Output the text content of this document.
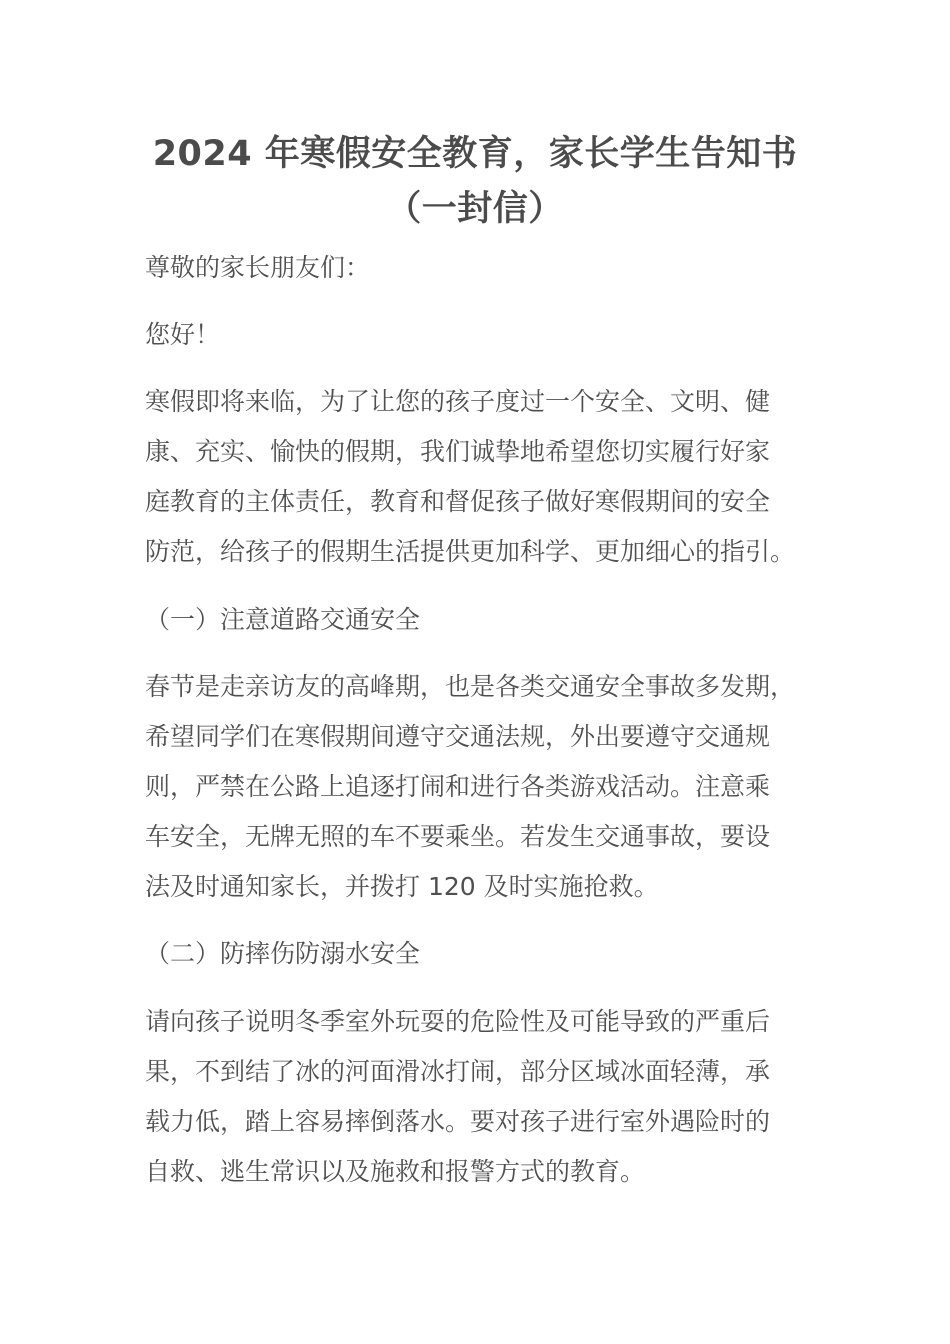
2024 年寒假安全教育，家长学生告知书
（一封信）
尊敬的家长朋友们：
您好！
寒假即将来临，为了让您的孩子度过一个安全、文明、健
康、充实、愉快的假期，我们诚挚地希望您切实履行好家
庭教育的主体责任，教育和督促孩子做好寒假期间的安全
防范，给孩子的假期生活提供更加科学、更加细心的指引。
（一）注意道路交通安全
春节是走亲访友的高峰期，也是各类交通安全事故多发期，
希望同学们在寒假期间遵守交通法规，外出要遵守交通规
则，严禁在公路上追逐打闹和进行各类游戏活动。注意乘
车安全，无牌无照的车不要乘坐。若发生交通事故，要设
法及时通知家长，并拨打 120 及时实施抢救。
（二）防摔伤防溺水安全
请向孩子说明冬季室外玩耍的危险性及可能导致的严重后
果，不到结了冰的河面滑冰打闹，部分区域冰面轻薄，承
载力低，踏上容易摔倒落水。要对孩子进行室外遇险时的
自救、逃生常识以及施救和报警方式的教育。
